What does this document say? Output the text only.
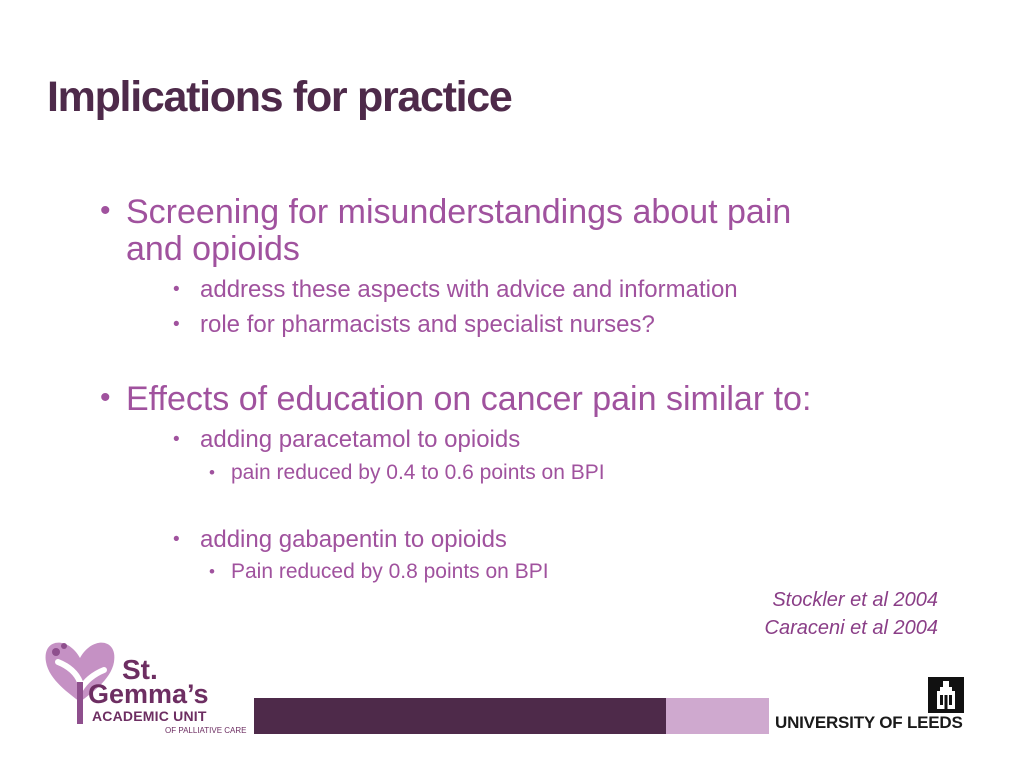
Implications for practice
• Screening for misunderstandings about pain
and opioids
• address these aspects with advice and information
• role for pharmacists and specialist nurses?
• Effects of education on cancer pain similar to:
• adding paracetamol to opioids
• pain reduced by 0.4 to 0.6 points on BPI
• adding gabapentin to opioids
• Pain reduced by 0.8 points on BPI
Stockler et al 2004
Caraceni et al 2004
St.
Gemma’s
ACADEMIC UNIT
OF PALLIATIVE CARE	UNIVERSITY OF LEEDS
